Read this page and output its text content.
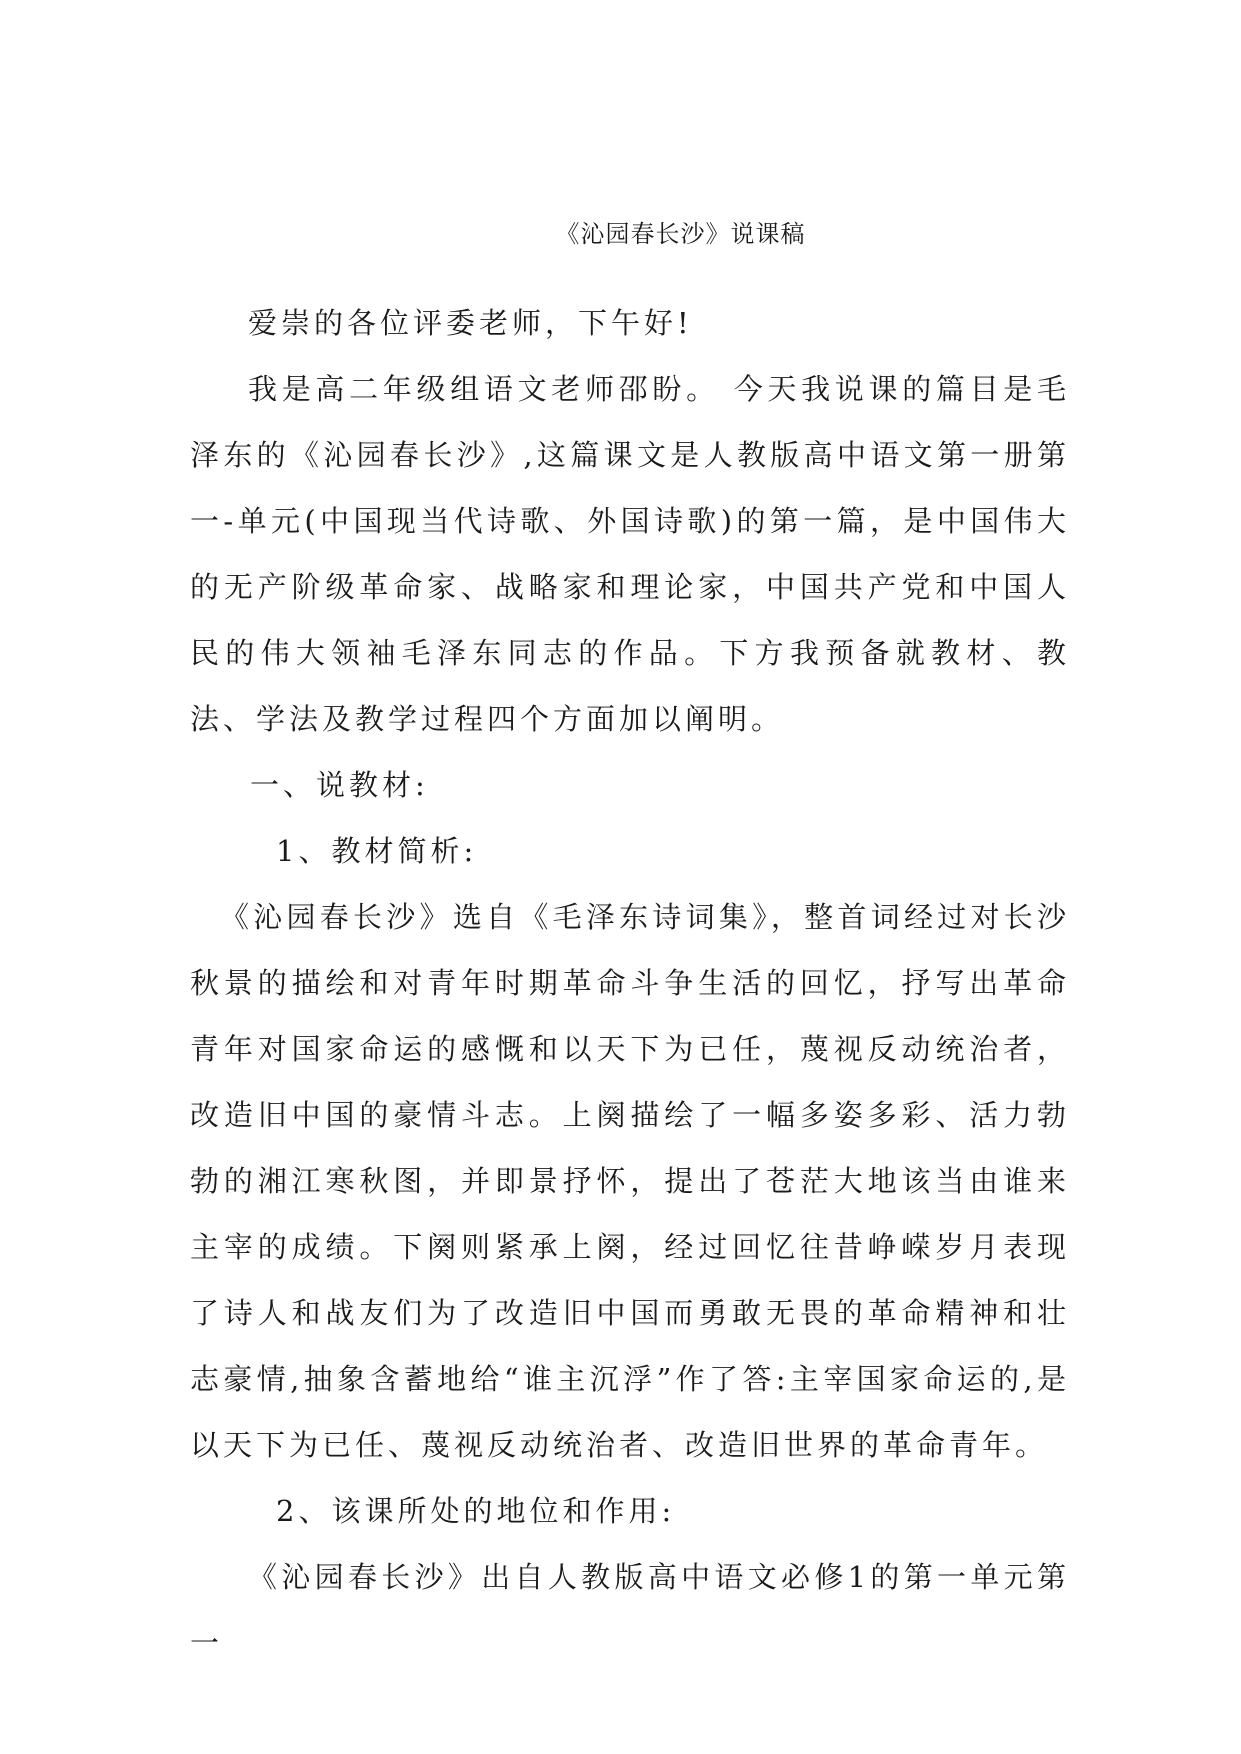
《沁园春长沙》说课稿

爱崇的各位评委老师，下午好!

我是高二年级组语文老师邵盼。 今天我说课的篇目是毛泽东的《沁园春长沙》,这篇课文是人教版高中语文第一册第一-单元(中国现当代诗歌、外国诗歌)的第一篇，是中国伟大的无产阶级革命家、战略家和理论家，中国共产党和中国人民的伟大领袖毛泽东同志的作品。下方我预备就教材、教法、学法及教学过程四个方面加以阐明。

一、说教材:

1、教材简析:

《沁园春长沙》选自《毛泽东诗词集》，整首词经过对长沙秋景的描绘和对青年时期革命斗争生活的回忆，抒写出革命青年对国家命运的感慨和以天下为已任，蔑视反动统治者，改造旧中国的豪情斗志。上阕描绘了一幅多姿多彩、活力勃勃的湘江寒秋图，并即景抒怀，提出了苍茫大地该当由谁来主宰的成绩。下阕则紧承上阕，经过回忆往昔峥嵘岁月表现了诗人和战友们为了改造旧中国而勇敢无畏的革命精神和壮志豪情,抽象含蓄地给“谁主沉浮”作了答:主宰国家命运的,是以天下为已任、蔑视反动统治者、改造旧世界的革命青年。

2、该课所处的地位和作用:

《沁园春长沙》出自人教版高中语文必修1的第一单元第一
